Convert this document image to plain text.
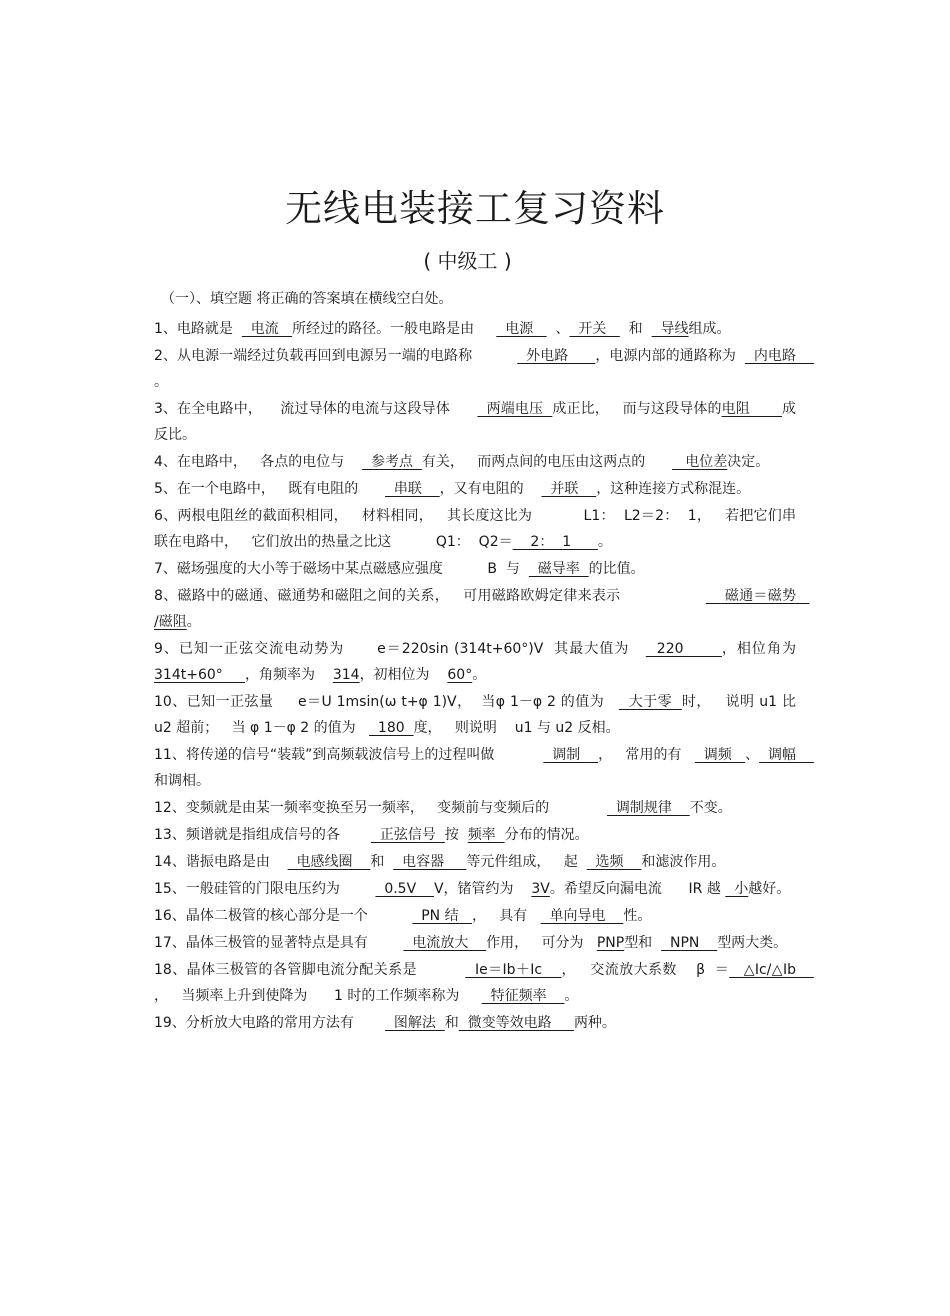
无线电装接工复习资料
( 中级工 )
（一）、填空题 将正确的答案填在横线空白处。

1、电路就是    电流   所经过的路径。一般电路是由       电源     、  开关     和    导线组成。

2、从电源一端经过负载再回到电源另一端的电路称            外电路      ，电源内部的通路称为    内电路    。

3、在全电路中，    流过导体的电流与这段导体        两端电压  成正比，   而与这段导体的电阻       成反比。

4、在电路中，   各点的电位与      参考点  有关，   而两点间的电压由这两点的         电位差决定。

5、在一个电路中，   既有电阻的        串联    ，又有电阻的      并联    ，这种连接方式称混连。

6、两根电阻丝的截面积相同，   材料相同，   其长度这比为           L1：  L2＝2：  1，   若把它们串联在电路中，   它们放出的热量之比这          Q1：  Q2＝    2：  1      。

7、磁场强度的大小等于磁场中某点磁感应强度          B  与    磁导率  的比值。

8、磁路中的磁通、磁通势和磁阻之间的关系，   可用磁路欧姆定律来表示                      磁通＝磁势   /磁阻。

9、已知一正弦交流电动势为      e＝220sin (314t+60°)V  其最大值为     220       ，相位角为  314t+60°     ，角频率为    314，初相位为    60°。

10、已知一正弦量     e＝U 1msin(ω t+φ 1)V，  当φ 1－φ 2 的值为     大于零  时，   说明 u1 比 u2 超前；   当 φ 1－φ 2 的值为     180  度，   则说明    u1 与 u2 反相。

11、将传递的信号“装载”到高频载波信号上的过程叫做             调制    ，   常用的有     调频   、  调幅    和调相。

12、变频就是由某一频率变换至另一频率，   变频前与变频后的               调制规律    不变。

13、频谱就是指组成信号的各         正弦信号  按  频率  分布的情况。

14、谐振电路是由      电感线圈    和    电容器     等元件组成，   起    选频    和滤波作用。

15、一般硅管的门限电压约为          0.5V    V，锗管约为    3V。希望反向漏电流      IR 越   小越好。

16、晶体二极管的核心部分是一个            PN 结   ，   具有     单向导电    性。

17、晶体三极管的显著特点是具有          电流放大    作用，   可分为   PNP型和    NPN    型两大类。

18、晶体三极管的各管脚电流分配关系是            Ie＝Ib＋Ic    ，   交流放大系数    β  ＝   △Ic/△Ib    ，   当频率上升到使降为      1 时的工作频率称为       特征频率    。

19、分析放大电路的常用方法有         图解法  和  微变等效电路     两种。
